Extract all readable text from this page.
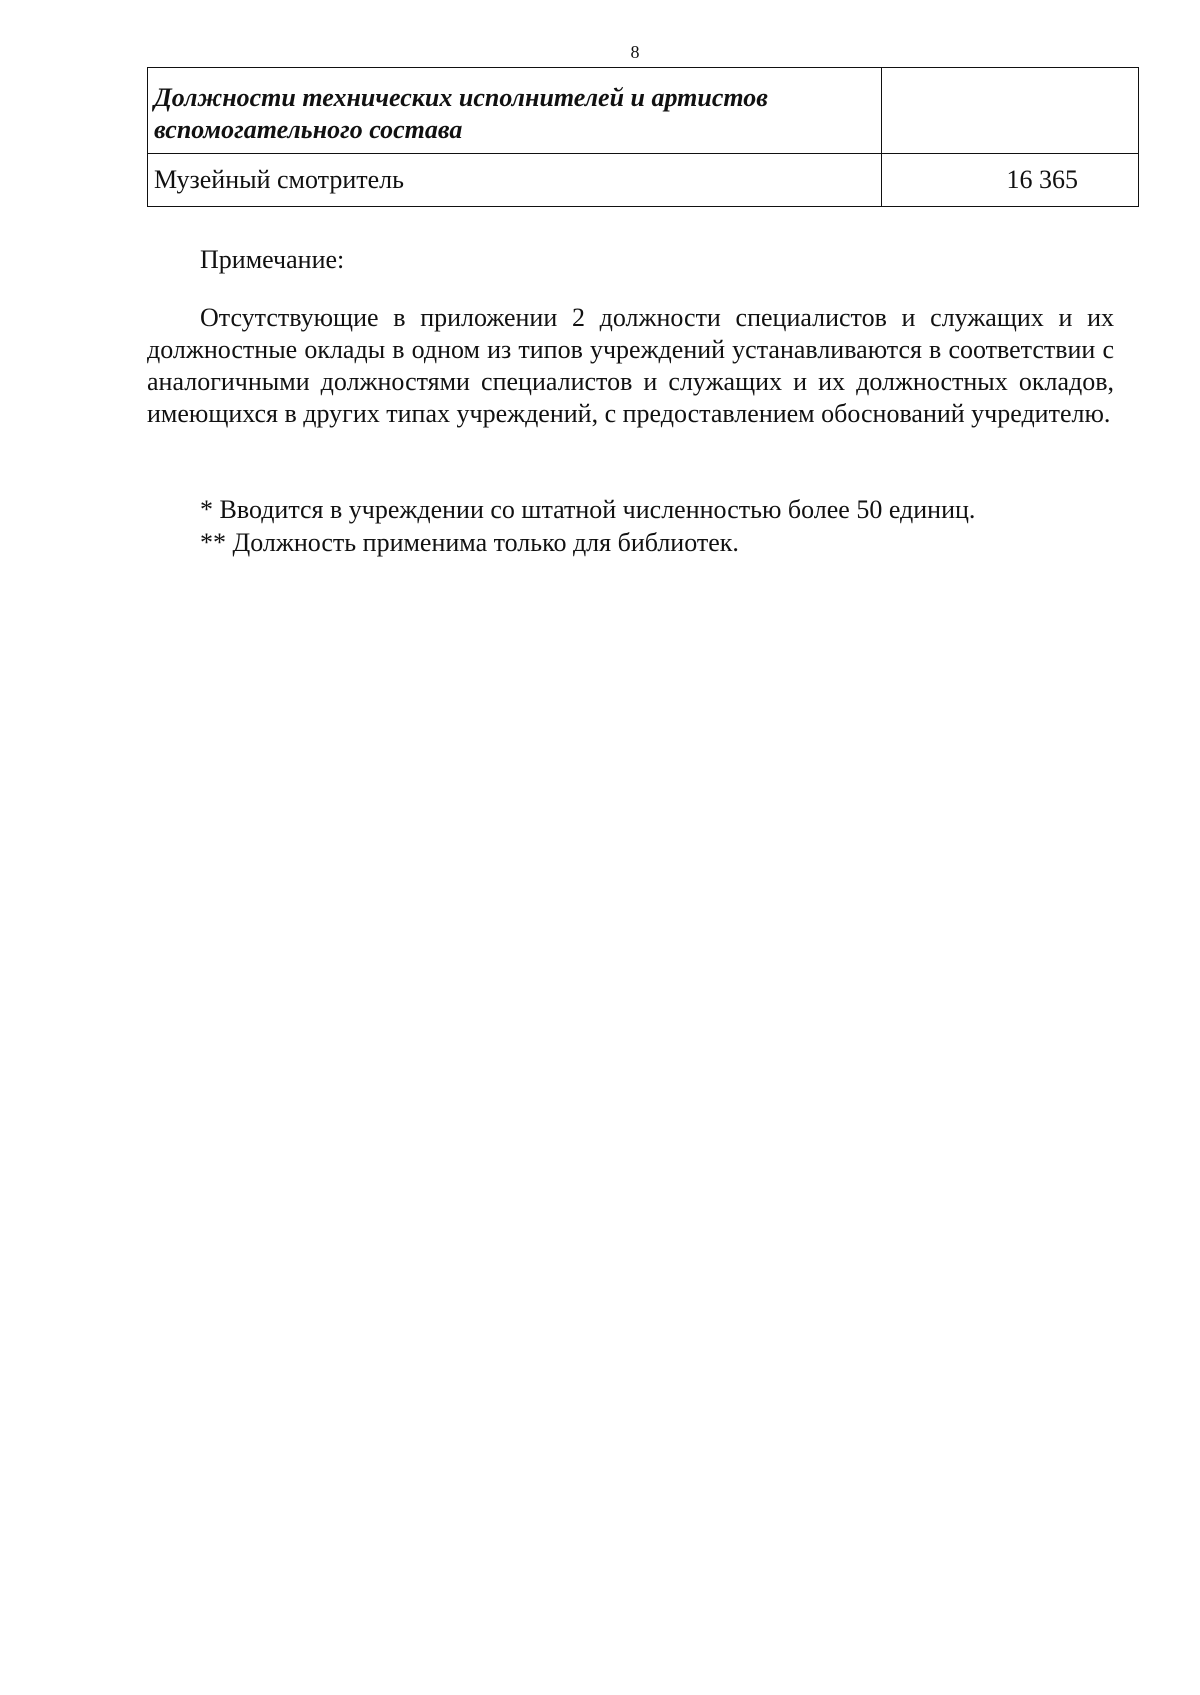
8
Должности технических исполнителей и артистов вспомогательного состава	
Музейный смотритель	16 365
Примечание:
Отсутствующие в приложении 2 должности специалистов и служащих и их должностные оклады в одном из типов учреждений устанавливаются в соответствии с аналогичными должностями специалистов и служащих и их должностных окладов, имеющихся в других типах учреждений, с предоставлением обоснований учредителю.
* Вводится в учреждении со штатной численностью более 50 единиц.
** Должность применима только для библиотек.
